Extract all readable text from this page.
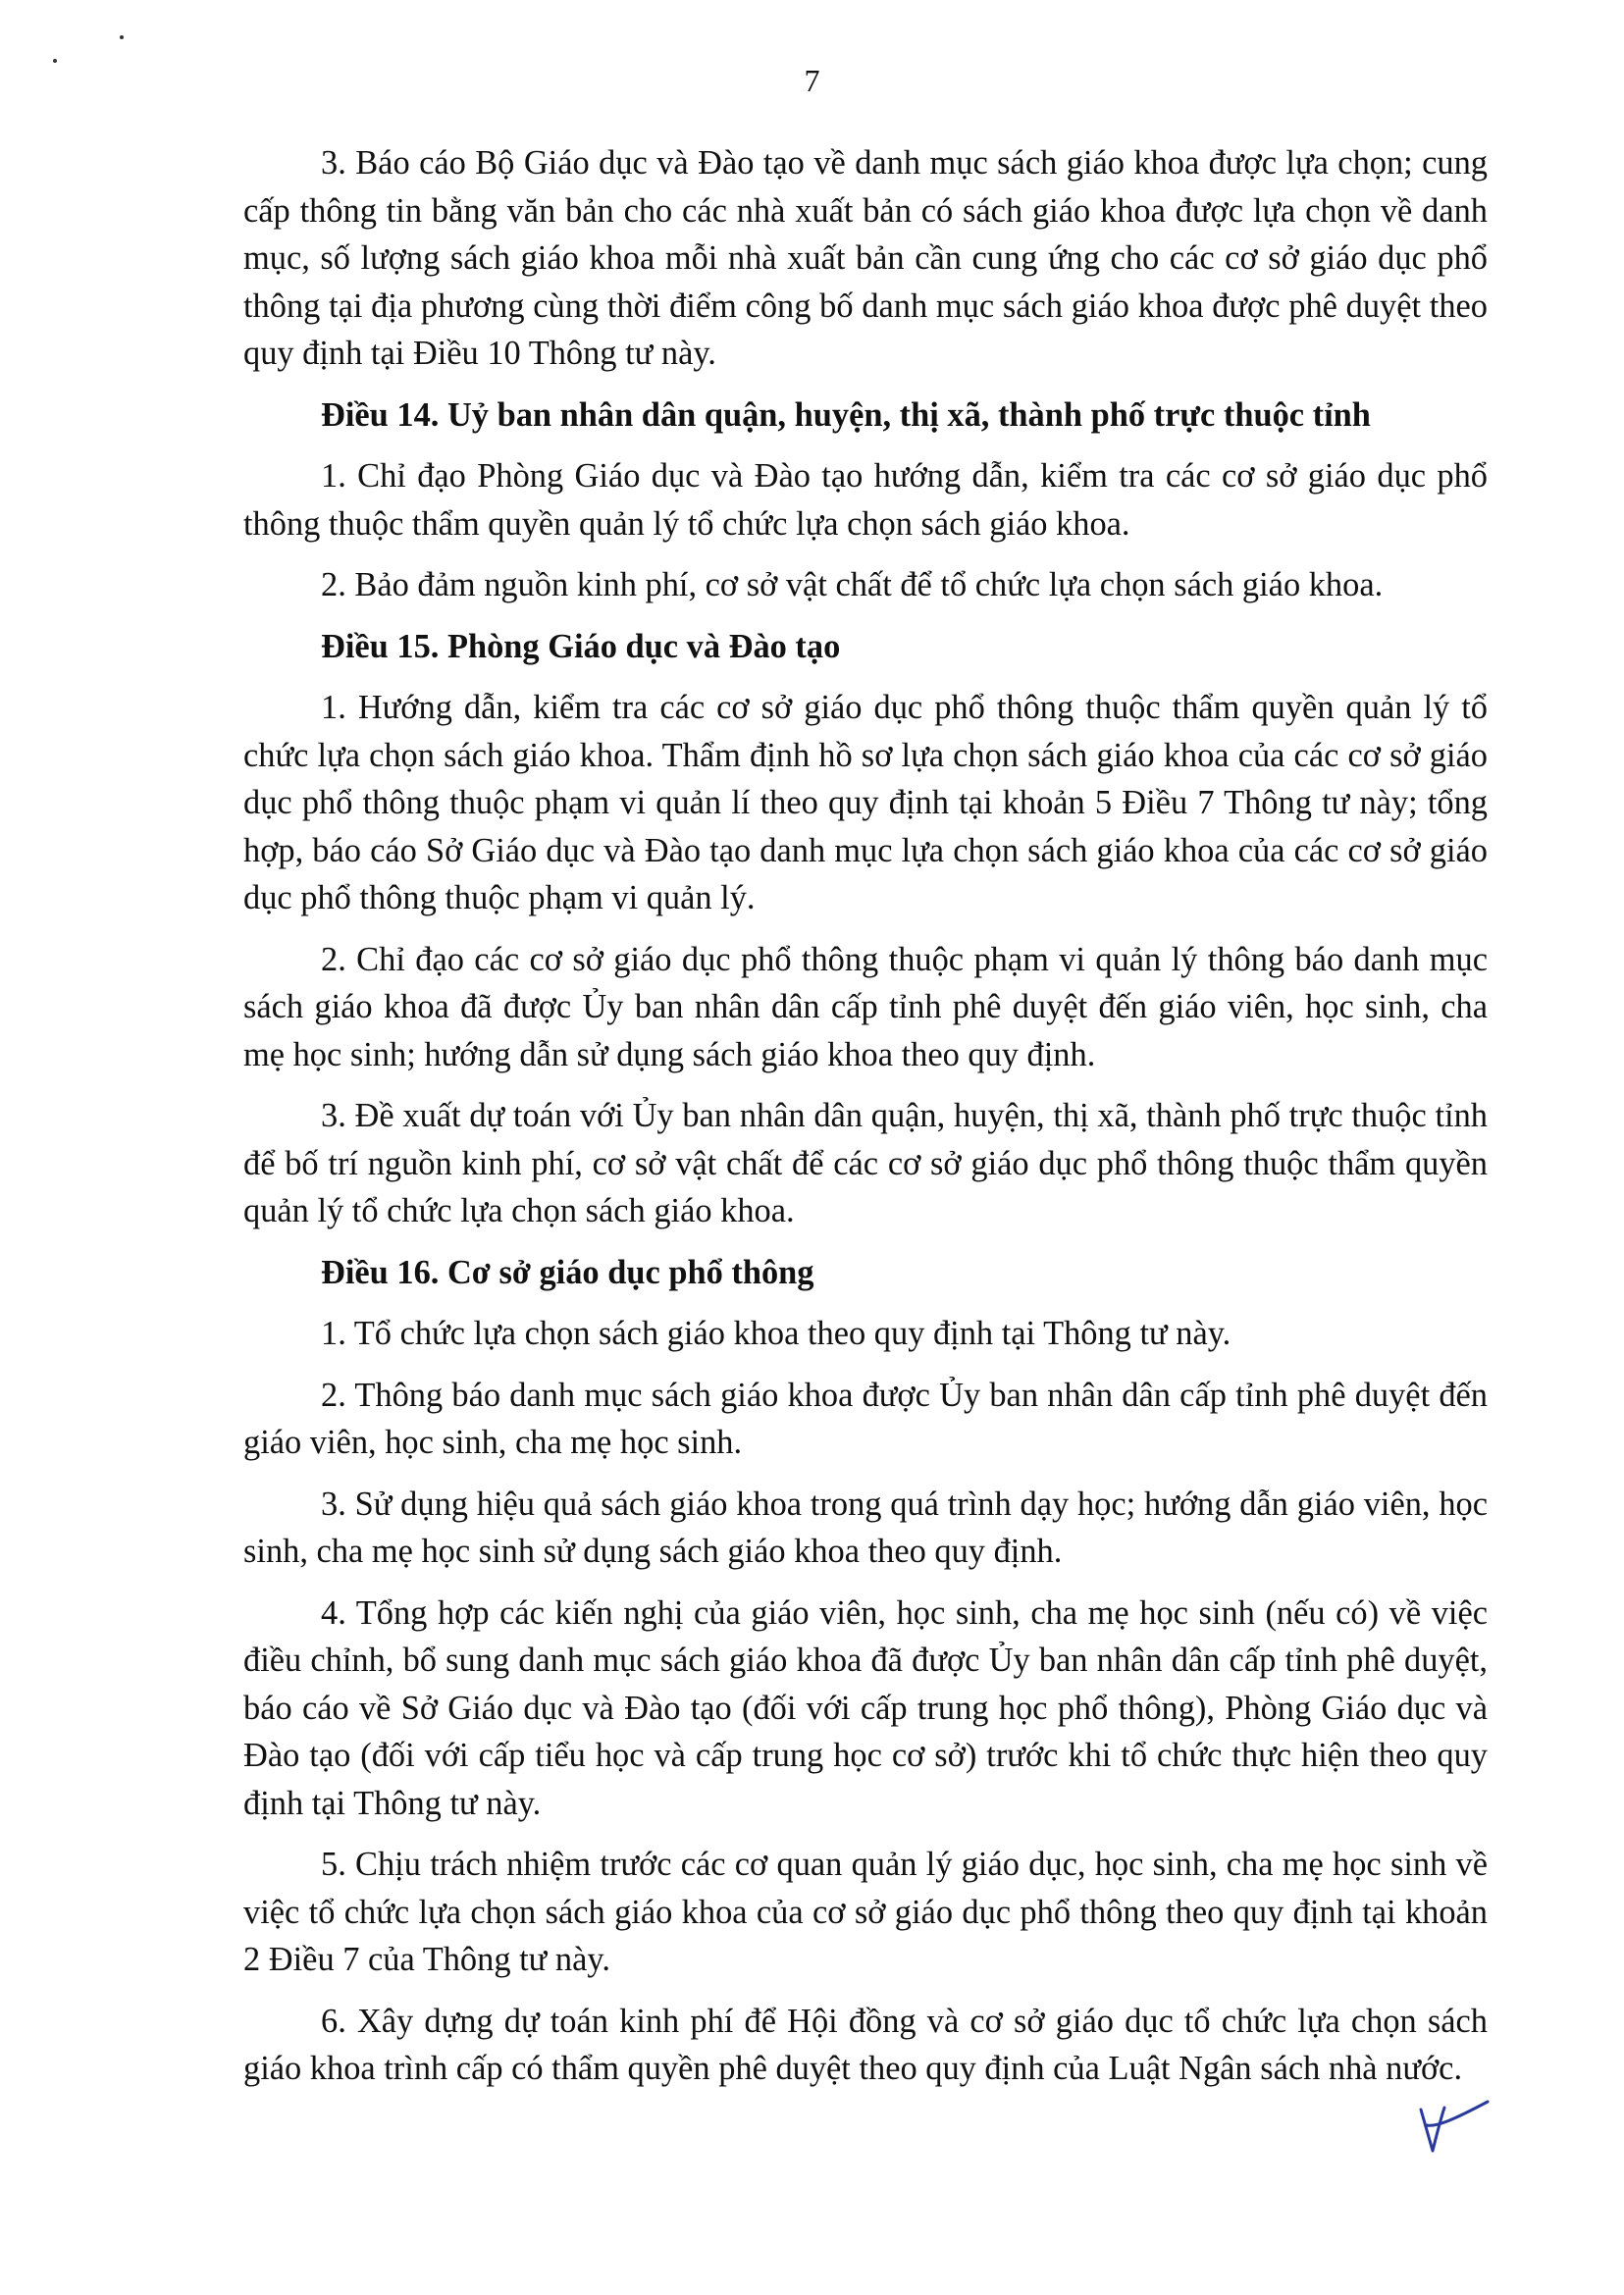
7

3. Báo cáo Bộ Giáo dục và Đào tạo về danh mục sách giáo khoa được lựa chọn; cung cấp thông tin bằng văn bản cho các nhà xuất bản có sách giáo khoa được lựa chọn về danh mục, số lượng sách giáo khoa mỗi nhà xuất bản cần cung ứng cho các cơ sở giáo dục phổ thông tại địa phương cùng thời điểm công bố danh mục sách giáo khoa được phê duyệt theo quy định tại Điều 10 Thông tư này.

Điều 14. Uỷ ban nhân dân quận, huyện, thị xã, thành phố trực thuộc tỉnh

1. Chỉ đạo Phòng Giáo dục và Đào tạo hướng dẫn, kiểm tra các cơ sở giáo dục phổ thông thuộc thẩm quyền quản lý tổ chức lựa chọn sách giáo khoa.

2. Bảo đảm nguồn kinh phí, cơ sở vật chất để tổ chức lựa chọn sách giáo khoa.

Điều 15. Phòng Giáo dục và Đào tạo

1. Hướng dẫn, kiểm tra các cơ sở giáo dục phổ thông thuộc thẩm quyền quản lý tổ chức lựa chọn sách giáo khoa. Thẩm định hồ sơ lựa chọn sách giáo khoa của các cơ sở giáo dục phổ thông thuộc phạm vi quản lí theo quy định tại khoản 5 Điều 7 Thông tư này; tổng hợp, báo cáo Sở Giáo dục và Đào tạo danh mục lựa chọn sách giáo khoa của các cơ sở giáo dục phổ thông thuộc phạm vi quản lý.

2. Chỉ đạo các cơ sở giáo dục phổ thông thuộc phạm vi quản lý thông báo danh mục sách giáo khoa đã được Ủy ban nhân dân cấp tỉnh phê duyệt đến giáo viên, học sinh, cha mẹ học sinh; hướng dẫn sử dụng sách giáo khoa theo quy định.

3. Đề xuất dự toán với Ủy ban nhân dân quận, huyện, thị xã, thành phố trực thuộc tỉnh để bố trí nguồn kinh phí, cơ sở vật chất để các cơ sở giáo dục phổ thông thuộc thẩm quyền quản lý tổ chức lựa chọn sách giáo khoa.

Điều 16. Cơ sở giáo dục phổ thông

1. Tổ chức lựa chọn sách giáo khoa theo quy định tại Thông tư này.

2. Thông báo danh mục sách giáo khoa được Ủy ban nhân dân cấp tỉnh phê duyệt đến giáo viên, học sinh, cha mẹ học sinh.

3. Sử dụng hiệu quả sách giáo khoa trong quá trình dạy học; hướng dẫn giáo viên, học sinh, cha mẹ học sinh sử dụng sách giáo khoa theo quy định.

4. Tổng hợp các kiến nghị của giáo viên, học sinh, cha mẹ học sinh (nếu có) về việc điều chỉnh, bổ sung danh mục sách giáo khoa đã được Ủy ban nhân dân cấp tỉnh phê duyệt, báo cáo về Sở Giáo dục và Đào tạo (đối với cấp trung học phổ thông), Phòng Giáo dục và Đào tạo (đối với cấp tiểu học và cấp trung học cơ sở) trước khi tổ chức thực hiện theo quy định tại Thông tư này.

5. Chịu trách nhiệm trước các cơ quan quản lý giáo dục, học sinh, cha mẹ học sinh về việc tổ chức lựa chọn sách giáo khoa của cơ sở giáo dục phổ thông theo quy định tại khoản 2 Điều 7 của Thông tư này.

6. Xây dựng dự toán kinh phí để Hội đồng và cơ sở giáo dục tổ chức lựa chọn sách giáo khoa trình cấp có thẩm quyền phê duyệt theo quy định của Luật Ngân sách nhà nước.
